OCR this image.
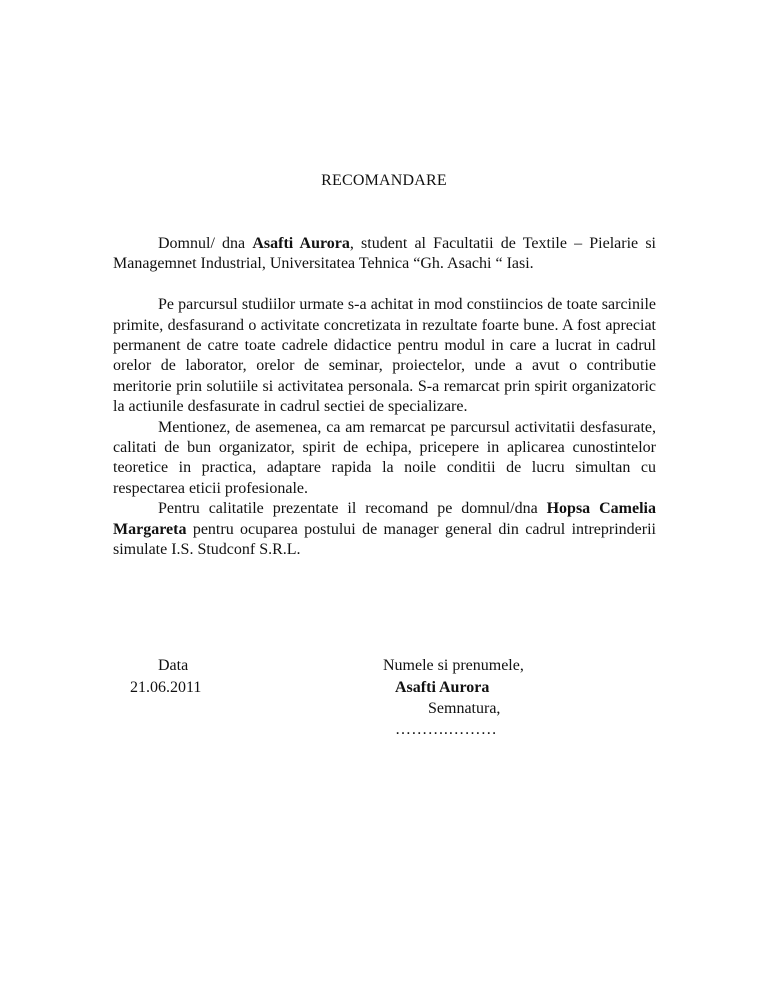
RECOMANDARE

Domnul/ dna Asafti Aurora, student al Facultatii de Textile – Pielarie si Managemnet Industrial, Universitatea Tehnica “Gh. Asachi “ Iasi.

Pe parcursul studiilor urmate s-a achitat in mod constiincios de toate sarcinile primite, desfasurand o activitate concretizata in rezultate foarte bune. A fost apreciat permanent de catre toate cadrele didactice pentru modul in care a lucrat in cadrul orelor de laborator, orelor de seminar, proiectelor, unde a avut o contributie meritorie prin solutiile si activitatea personala. S-a remarcat prin spirit organizatoric la actiunile desfasurate in cadrul sectiei de specializare.

Mentionez, de asemenea, ca am remarcat pe parcursul activitatii desfasurate, calitati de bun organizator, spirit de echipa, pricepere in aplicarea cunostintelor teoretice in practica, adaptare rapida la noile conditii de lucru simultan cu respectarea eticii profesionale.

Pentru calitatile prezentate il recomand pe domnul/dna Hopsa Camelia Margareta pentru ocuparea postului de manager general din cadrul intreprinderii simulate I.S. Studconf S.R.L.

Data
21.06.2011
Numele si prenumele,
Asafti Aurora
Semnatura,
……….………
